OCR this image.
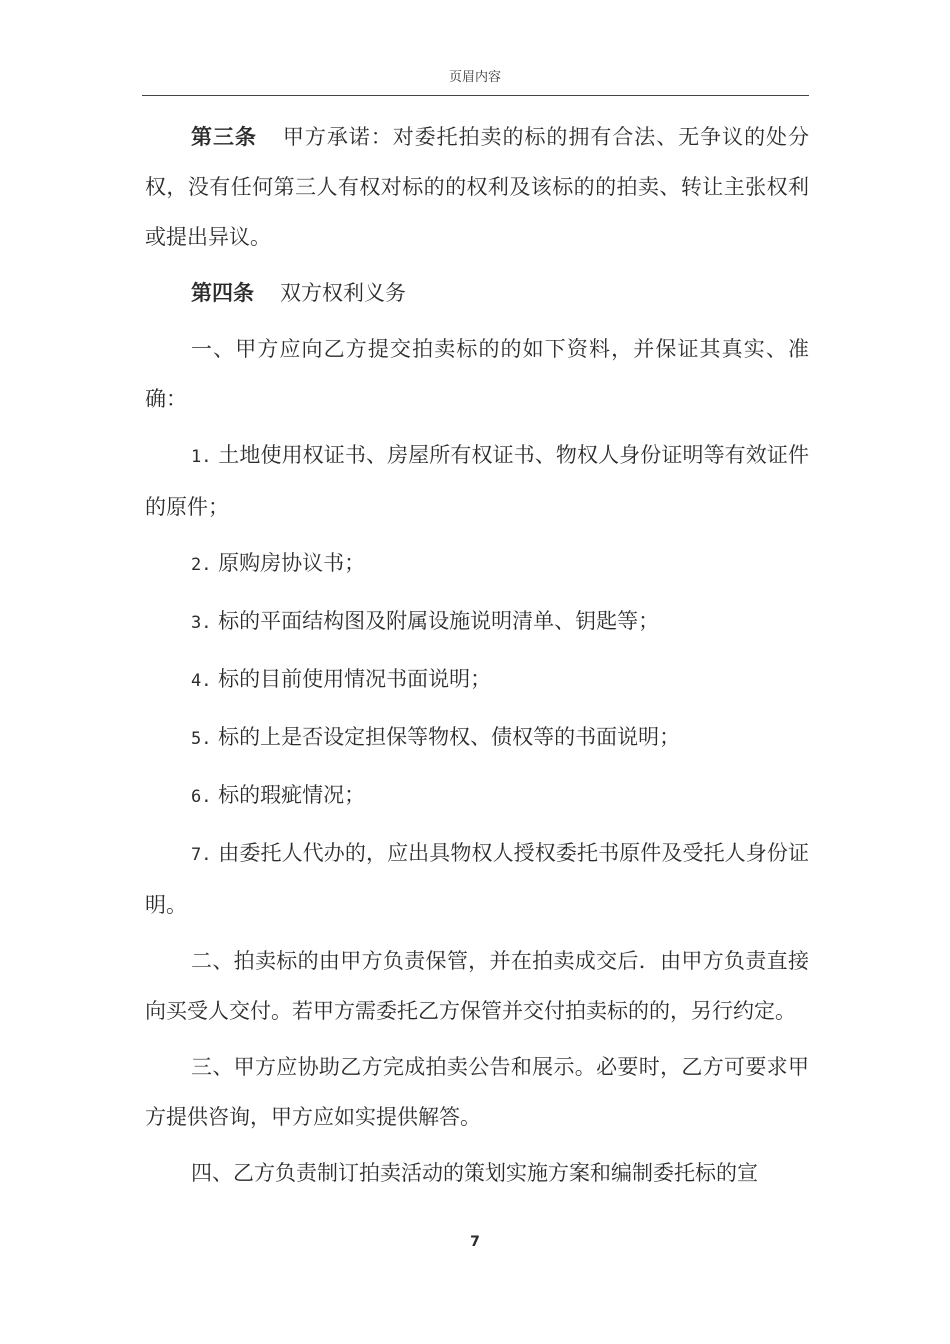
页眉内容

第三条 甲方承诺：对委托拍卖的标的拥有合法、无争议的处分权，没有任何第三人有权对标的的权利及该标的的拍卖、转让主张权利或提出异议。

第四条 双方权利义务

一、甲方应向乙方提交拍卖标的的如下资料，并保证其真实、准确：

1. 土地使用权证书、房屋所有权证书、物权人身份证明等有效证件的原件；

2. 原购房协议书；

3. 标的平面结构图及附属设施说明清单、钥匙等；

4. 标的目前使用情况书面说明；

5. 标的上是否设定担保等物权、债权等的书面说明；

6. 标的瑕疵情况；

7. 由委托人代办的，应出具物权人授权委托书原件及受托人身份证明。

二、拍卖标的由甲方负责保管，并在拍卖成交后．由甲方负责直接向买受人交付。若甲方需委托乙方保管并交付拍卖标的的，另行约定。

三、甲方应协助乙方完成拍卖公告和展示。必要时，乙方可要求甲方提供咨询，甲方应如实提供解答。

四、乙方负责制订拍卖活动的策划实施方案和编制委托标的宣

7
